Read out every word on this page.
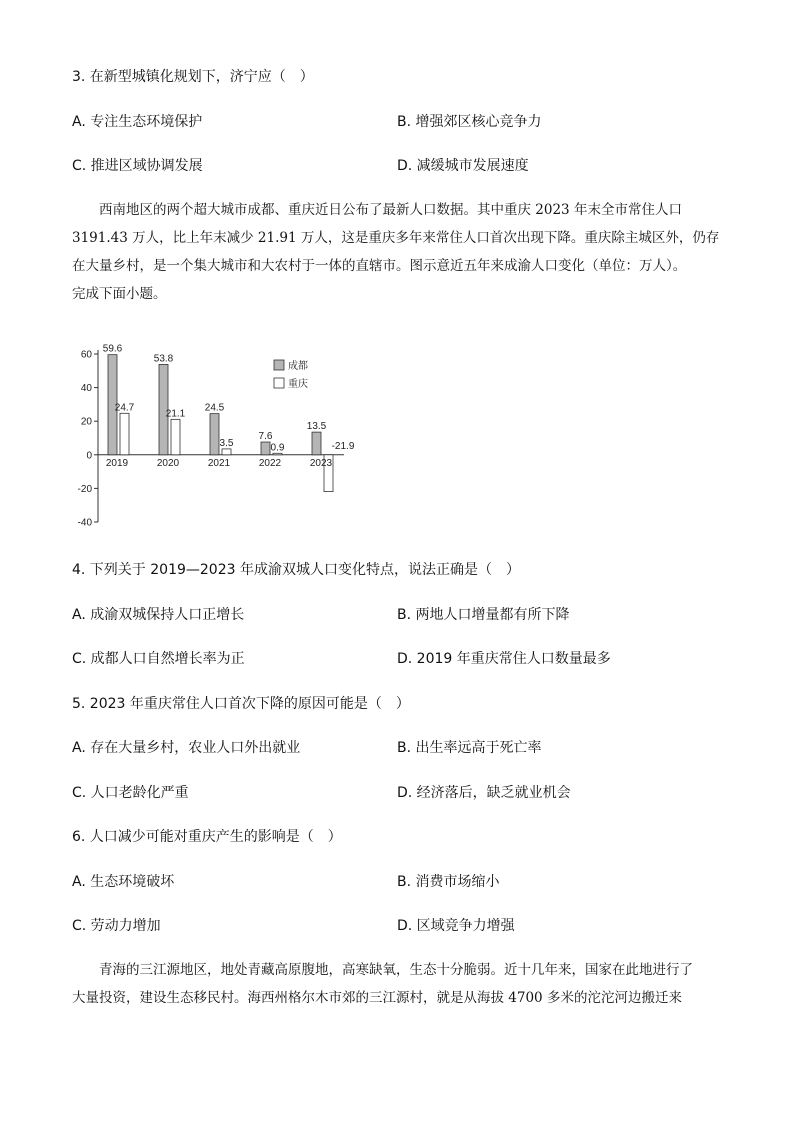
3. 在新型城镇化规划下，济宁应（　）
A. 专注生态环境保护	B. 增强郊区核心竞争力
C. 推进区域协调发展	D. 减缓城市发展速度

西南地区的两个超大城市成都、重庆近日公布了最新人口数据。其中重庆 2023 年末全市常住人口

3191.43 万人，比上年末减少 21.91 万人，这是重庆多年来常住人口首次出现下降。重庆除主城区外，仍存

在大量乡村，是一个集大城市和大农村于一体的直辖市。图示意近五年来成渝人口变化（单位：万人）。

完成下面小题。

60
40
20
0
-20
-40
59.6
24.7
53.8
21.1
24.5
3.5
7.6
0.9
13.5
-21.9
2019	2020	2021	2022	2023
成都
重庆
4. 下列关于 2019—2023 年成渝双城人口变化特点，说法正确是（　）
A. 成渝双城保持人口正增长	B. 两地人口增量都有所下降
C. 成都人口自然增长率为正	D. 2019 年重庆常住人口数量最多
5. 2023 年重庆常住人口首次下降的原因可能是（　）
A. 存在大量乡村，农业人口外出就业	B. 出生率远高于死亡率
C. 人口老龄化严重	D. 经济落后，缺乏就业机会
6. 人口减少可能对重庆产生的影响是（　）
A. 生态环境破坏	B. 消费市场缩小
C. 劳动力增加	D. 区域竞争力增强

青海的三江源地区，地处青藏高原腹地，高寒缺氧，生态十分脆弱。近十几年来，国家在此地进行了

大量投资，建设生态移民村。海西州格尔木市郊的三江源村，就是从海拔 4700 多米的沱沱河边搬迁来
